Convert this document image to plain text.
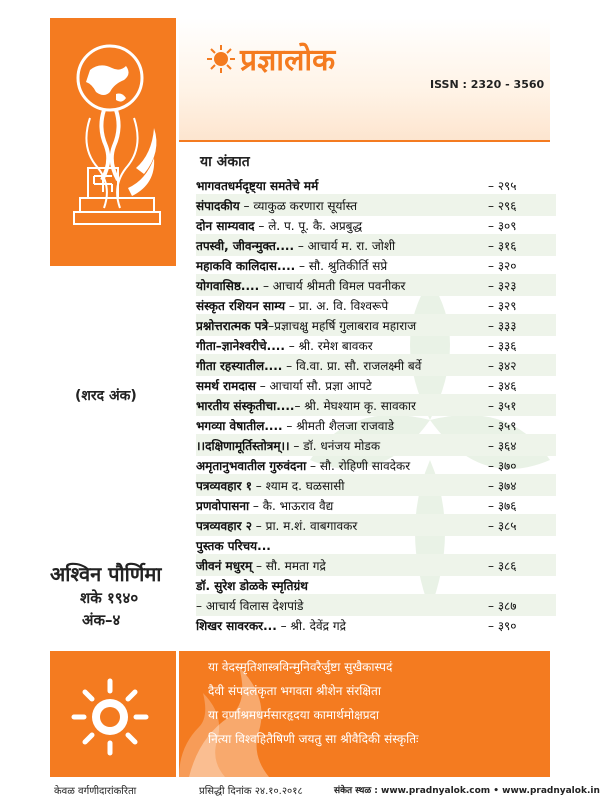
प्रज्ञालोक
ISSN : 2320 - 3560
या अंकात
भागवतधर्मदृष्ट्या समतेचे मर्म	– २९५
संपादकीय – व्याकुळ करणारा सूर्यास्त	– २९६
दोन साम्यवाद – ले. प. पू. कै. अप्रबुद्ध	– ३०९
तपस्वी, जीवन्मुक्त.... – आचार्य म. रा. जोशी	– ३१६
महाकवि कालिदास.... – सौ. श्रुतिकीर्ति सप्रे	– ३२०
योगवासिष्ठ.... – आचार्य श्रीमती विमल पवनीकर	– ३२३
संस्कृत रशियन साम्य – प्रा. अ. वि. विश्वरूपे	– ३२९
प्रश्नोत्तरात्मक पत्रे–प्रज्ञाचक्षु महर्षि गुलाबराव महाराज	– ३३३
गीता–ज्ञानेश्वरीचे.... – श्री. रमेश बावकर	– ३३६
गीता रहस्यातील.... – वि.वा. प्रा. सौ. राजलक्ष्मी बर्वे	– ३४२
समर्थ रामदास – आचार्या सौ. प्रज्ञा आपटे	– ३४६
भारतीय संस्कृतीचा....– श्री. मेघश्याम कृ. सावकार	– ३५१
भगव्या वेषातील.... – श्रीमती शैलजा राजवाडे	– ३५९
।।दक्षिणामूर्तिस्तोत्रम्।। – डॉ. धनंजय मोडक	– ३६४
अमृतानुभवातील गुरुवंदना – सौ. रोहिणी सावदेकर	– ३७०
पत्रव्यवहार १ – श्याम द. घळसासी	– ३७४
प्रणवोपासना – कै. भाऊराव वैद्य	– ३७६
पत्रव्यवहार २ – प्रा. म.शं. वाबगावकर	– ३८५
पुस्तक परिचय...
जीवनं मधुरम् – सौ. ममता गद्रे	– ३८६
डॉ. सुरेश डोळके स्मृतिग्रंथ
– आचार्य विलास देशपांडे	– ३८७
शिखर सावरकर... – श्री. देवेंद्र गद्रे	– ३९०
(शरद अंक)
अश्विन पौर्णिमा
शके १९४०
अंक–४
या वेदस्मृतिशास्त्रविन्मुनिवरैर्जुष्टा सुखैकास्पदं
दैवी संपदलंकृता भगवता श्रीशेन संरक्षिता
या वर्णाश्रमधर्मसारहृदया कामार्थमोक्षप्रदा
नित्या विश्वहितैषिणी जयतु सा श्रीवैदिकी संस्कृतिः
केवळ वर्गणीदारांकरिता	प्रसिद्धी दिनांक २४.१०.२०१८	संकेत स्थळ : www.pradnyalok.com • www.pradnyalok.in
